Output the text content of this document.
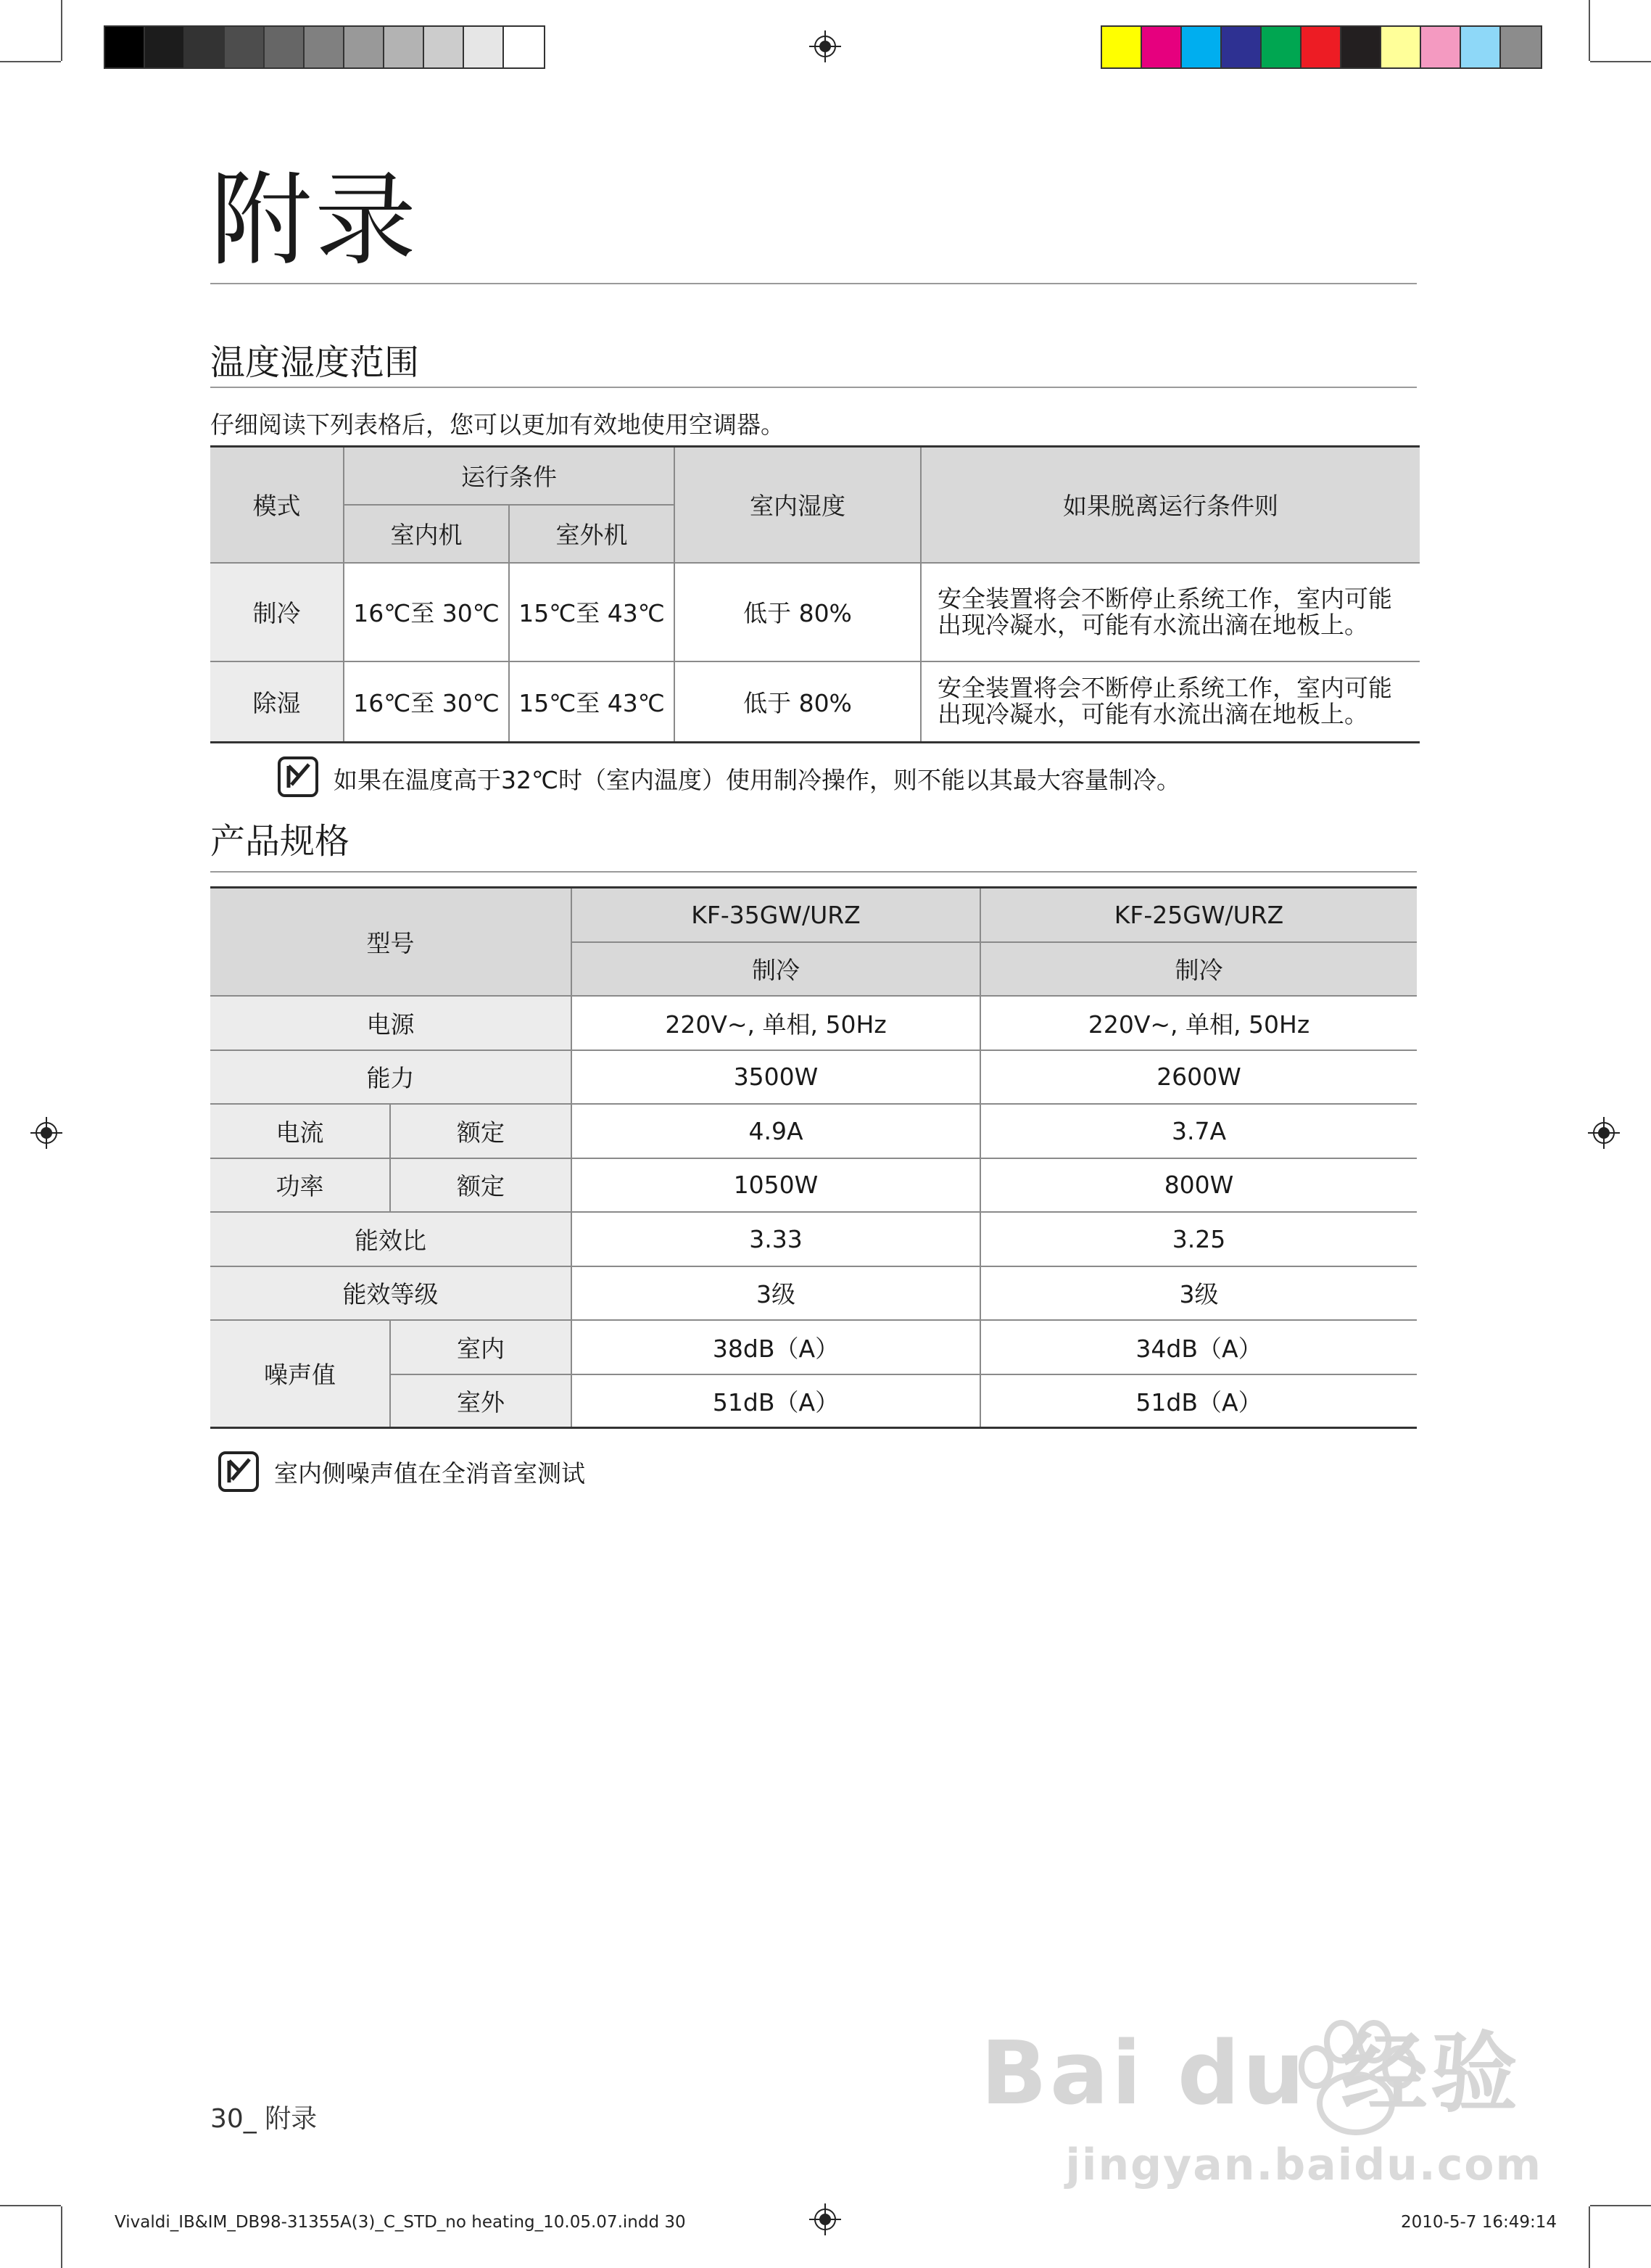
附录
温度湿度范围
仔细阅读下列表格后，您可以更加有效地使用空调器。
模式	运行条件		室内湿度	如果脱离运行条件则
	室内机	室外机		
制冷	16℃至 30℃	15℃至 43℃	低于 80%	安全装置将会不断停止系统工作，室内可能出现冷凝水，可能有水流出滴在地板上。
除湿	16℃至 30℃	15℃至 43℃	低于 80%	安全装置将会不断停止系统工作，室内可能出现冷凝水，可能有水流出滴在地板上。
如果在温度高于32℃时（室内温度）使用制冷操作，则不能以其最大容量制冷。
产品规格
型号		KF-35GW/URZ	KF-25GW/URZ
		制冷	制冷
电源		220V~, 单相, 50Hz	220V~, 单相, 50Hz
能力		3500W	2600W
电流	额定	4.9A	3.7A
功率	额定	1050W	800W
能效比		3.33	3.25
能效等级		3级	3级
噪声值	室内	38dB（A）	34dB（A）
	室外	51dB（A）	51dB（A）
室内侧噪声值在全消音室测试
Bai du 经验
jingyan.baidu.com
30_ 附录
Vivaldi_IB&IM_DB98-31355A(3)_C_STD_no heating_10.05.07.indd 30	2010-5-7 16:49:14
